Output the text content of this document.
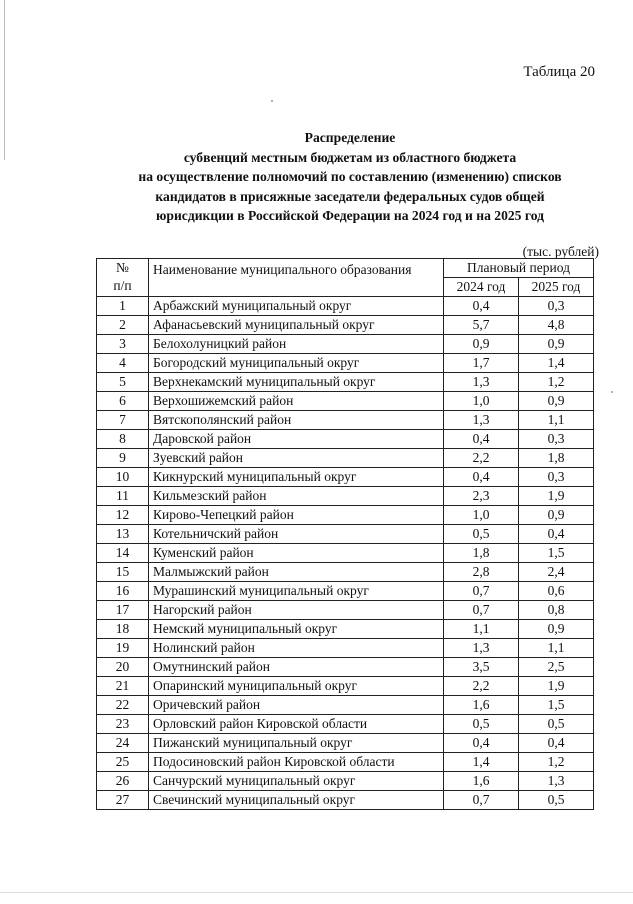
Таблица 20
Распределение
субвенций местным бюджетам из областного бюджета
на осуществление полномочий по составлению (изменению) списков
кандидатов в присяжные заседатели федеральных судов общей
юрисдикции в Российской Федерации на 2024 год и на 2025 год
(тыс. рублей)
№
п/п	Наименование муниципального образования	Плановый период	
		2024 год	2025 год
1	Арбажский муниципальный округ	0,4	0,3
2	Афанасьевский муниципальный округ	5,7	4,8
3	Белохолуницкий район	0,9	0,9
4	Богородский муниципальный округ	1,7	1,4
5	Верхнекамский муниципальный округ	1,3	1,2
6	Верхошижемский район	1,0	0,9
7	Вятскополянский район	1,3	1,1
8	Даровской район	0,4	0,3
9	Зуевский район	2,2	1,8
10	Кикнурский муниципальный округ	0,4	0,3
11	Кильмезский район	2,3	1,9
12	Кирово-Чепецкий район	1,0	0,9
13	Котельничский район	0,5	0,4
14	Куменский район	1,8	1,5
15	Малмыжский район	2,8	2,4
16	Мурашинский муниципальный округ	0,7	0,6
17	Нагорский район	0,7	0,8
18	Немский муниципальный округ	1,1	0,9
19	Нолинский район	1,3	1,1
20	Омутнинский район	3,5	2,5
21	Опаринский муниципальный округ	2,2	1,9
22	Оричевский район	1,6	1,5
23	Орловский район Кировской области	0,5	0,5
24	Пижанский муниципальный округ	0,4	0,4
25	Подосиновский район Кировской области	1,4	1,2
26	Санчурский муниципальный округ	1,6	1,3
27	Свечинский муниципальный округ	0,7	0,5
